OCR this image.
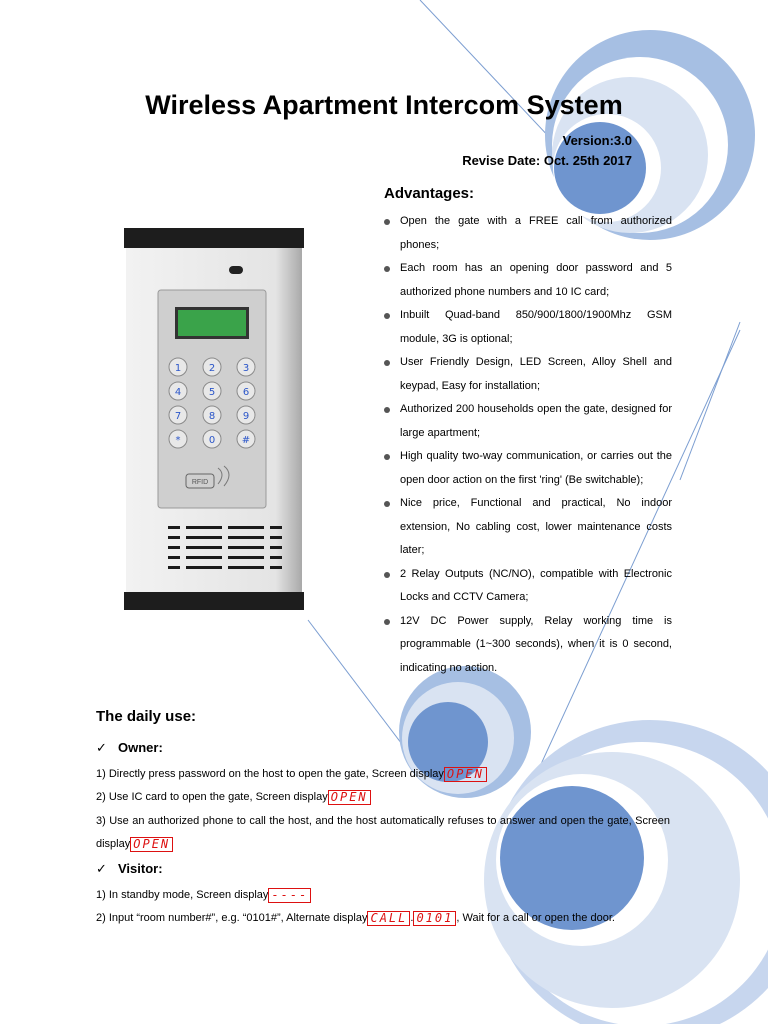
Wireless Apartment Intercom System
Version:3.0
Revise Date: Oct. 25th 2017
1	2	3
4	5	6
7	8	9
*	0	#
RFID
Advantages:
Open the gate with a FREE call from authorized phones;
Each room has an opening door password and 5 authorized phone numbers and 10 IC card;
Inbuilt Quad-band 850/900/1800/1900Mhz GSM module, 3G is optional;
User Friendly Design, LED Screen, Alloy Shell and keypad, Easy for installation;
Authorized 200 households open the gate, designed for large apartment;
High quality two-way communication, or carries out the open door action on the first 'ring' (Be switchable);
Nice price, Functional and practical, No indoor extension, No cabling cost, lower maintenance costs later;
2 Relay Outputs (NC/NO), compatible with Electronic Locks and CCTV Camera;
12V DC Power supply, Relay working time is programmable (1~300 seconds), when it is 0 second, indicating no action.
The daily use:
✓ Owner:
1) Directly press password on the host to open the gate, Screen display OPEN
2) Use IC card to open the gate, Screen display OPEN
3) Use an authorized phone to call the host, and the host automatically refuses to answer and open the gate, Screen display OPEN
✓ Visitor:
1) In standby mode, Screen display ----
2) Input “room number#”, e.g. “0101#”, Alternate display CALL . 0101 , Wait for a call or open the door.
